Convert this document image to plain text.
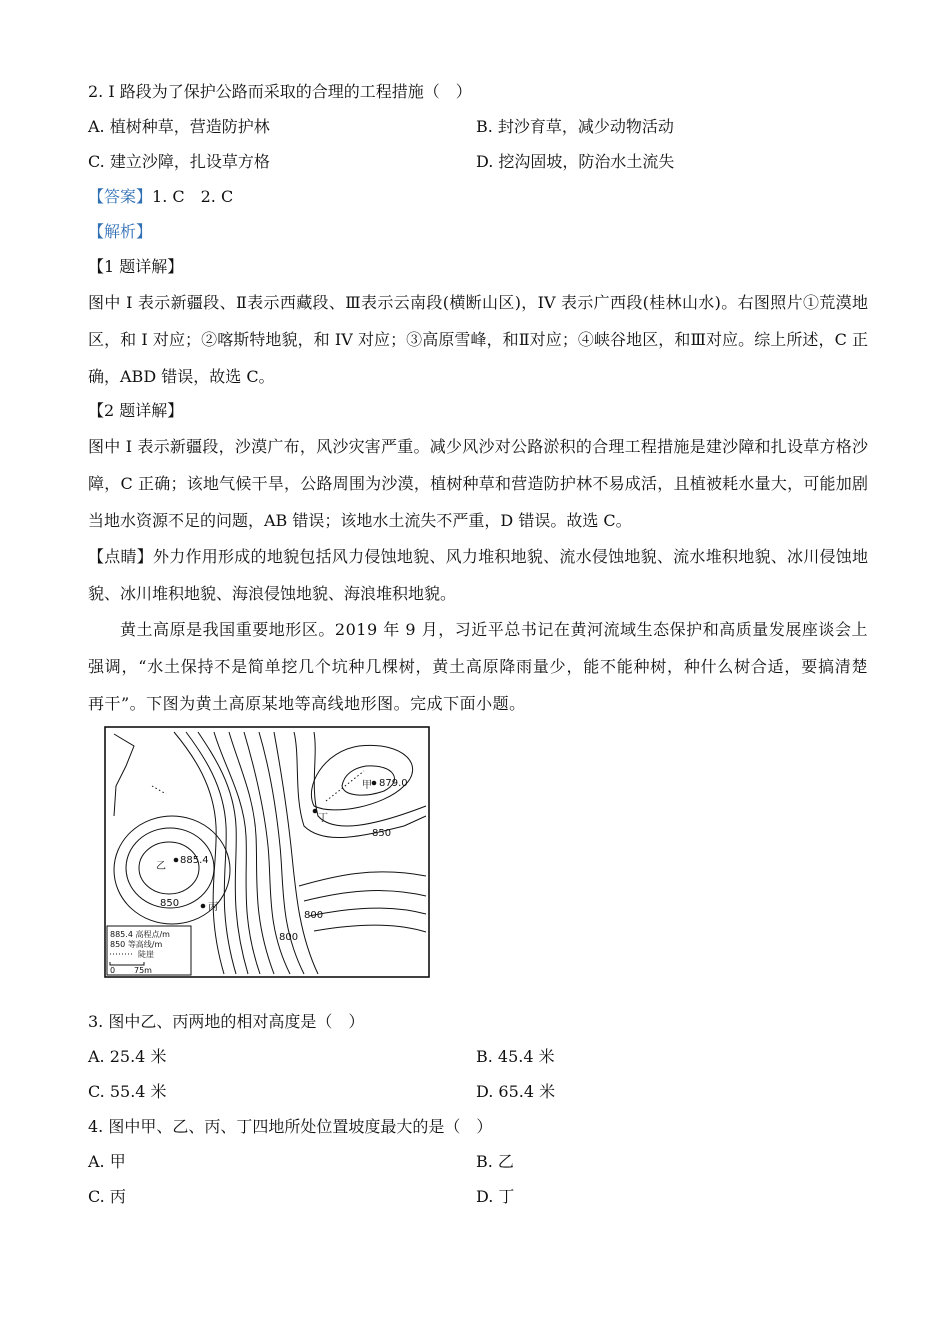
2. I 路段为了保护公路而采取的合理的工程措施（　）
A. 植树种草，营造防护林	B. 封沙育草，减少动物活动
C. 建立沙障，扎设草方格	D. 挖沟固坡，防治水土流失
【答案】1. C　2. C
【解析】
【1 题详解】
图中 I 表示新疆段、Ⅱ表示西藏段、Ⅲ表示云南段(横断山区)，IV 表示广西段(桂林山水)。右图照片①荒漠地区，和 I 对应；②喀斯特地貌，和 IV 对应；③高原雪峰，和Ⅱ对应；④峡谷地区，和Ⅲ对应。综上所述，C 正确，ABD 错误，故选 C。
【2 题详解】
图中 I 表示新疆段，沙漠广布，风沙灾害严重。减少风沙对公路淤积的合理工程措施是建沙障和扎设草方格沙障，C 正确；该地气候干旱，公路周围为沙漠，植树种草和营造防护林不易成活，且植被耗水量大，可能加剧当地水资源不足的问题，AB 错误；该地水土流失不严重，D 错误。故选 C。
【点睛】外力作用形成的地貌包括风力侵蚀地貌、风力堆积地貌、流水侵蚀地貌、流水堆积地貌、冰川侵蚀地貌、冰川堆积地貌、海浪侵蚀地貌、海浪堆积地貌。
黄土高原是我国重要地形区。2019 年 9 月，习近平总书记在黄河流域生态保护和高质量发展座谈会上强调，“水土保持不是简单挖几个坑种几棵树，黄土高原降雨量少，能不能种树，种什么树合适，要搞清楚再干”。下图为黄土高原某地等高线地形图。完成下面小题。
甲 879.0
乙
885.4
丙
丁
850
850
800
800
885.4 高程点/m
850 等高线/m
陡崖
0 75m
3. 图中乙、丙两地的相对高度是（　）
A. 25.4 米	B. 45.4 米
C. 55.4 米	D. 65.4 米
4. 图中甲、乙、丙、丁四地所处位置坡度最大的是（　）
A. 甲	B. 乙
C. 丙	D. 丁
